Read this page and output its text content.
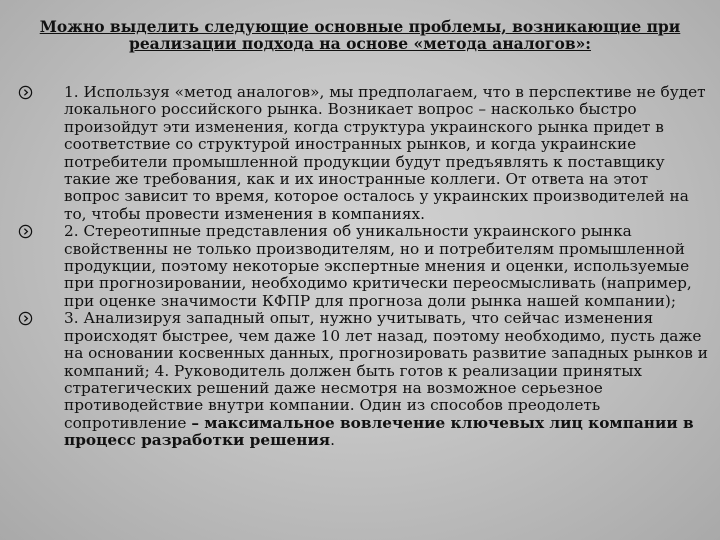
Можно выделить следующие основные проблемы, возникающие при реализации подхода на основе «метода аналогов»:
1. Используя «метод аналогов», мы предполагаем, что в перспективе не будет локального российского рынка. Возникает вопрос – насколько быстро произойдут эти изменения, когда структура украинского рынка придет в соответствие со структурой иностранных рынков, и когда украинские потребители промышленной продукции будут предъявлять к поставщику такие же требования, как и их иностранные коллеги. От ответа на этот вопрос зависит то время, которое осталось у украинских производителей на то, чтобы провести изменения в компаниях.
2. Стереотипные представления об уникальности украинского рынка свойственны не только производителям, но и потребителям промышленной продукции, поэтому некоторые экспертные мнения и оценки, используемые при прогнозировании, необходимо критически переосмысливать (например, при оценке значимости КФПР для прогноза доли рынка нашей компании);
3. Анализируя западный опыт, нужно учитывать, что сейчас изменения происходят быстрее, чем даже 10 лет назад, поэтому необходимо, пусть даже на основании косвенных данных, прогнозировать развитие западных рынков и компаний; 4. Руководитель должен быть готов к реализации принятых стратегических решений даже несмотря на возможное серьезное противодействие внутри компании. Один из способов преодолеть сопротивление – максимальное вовлечение ключевых лиц компании в процесс разработки решения.
